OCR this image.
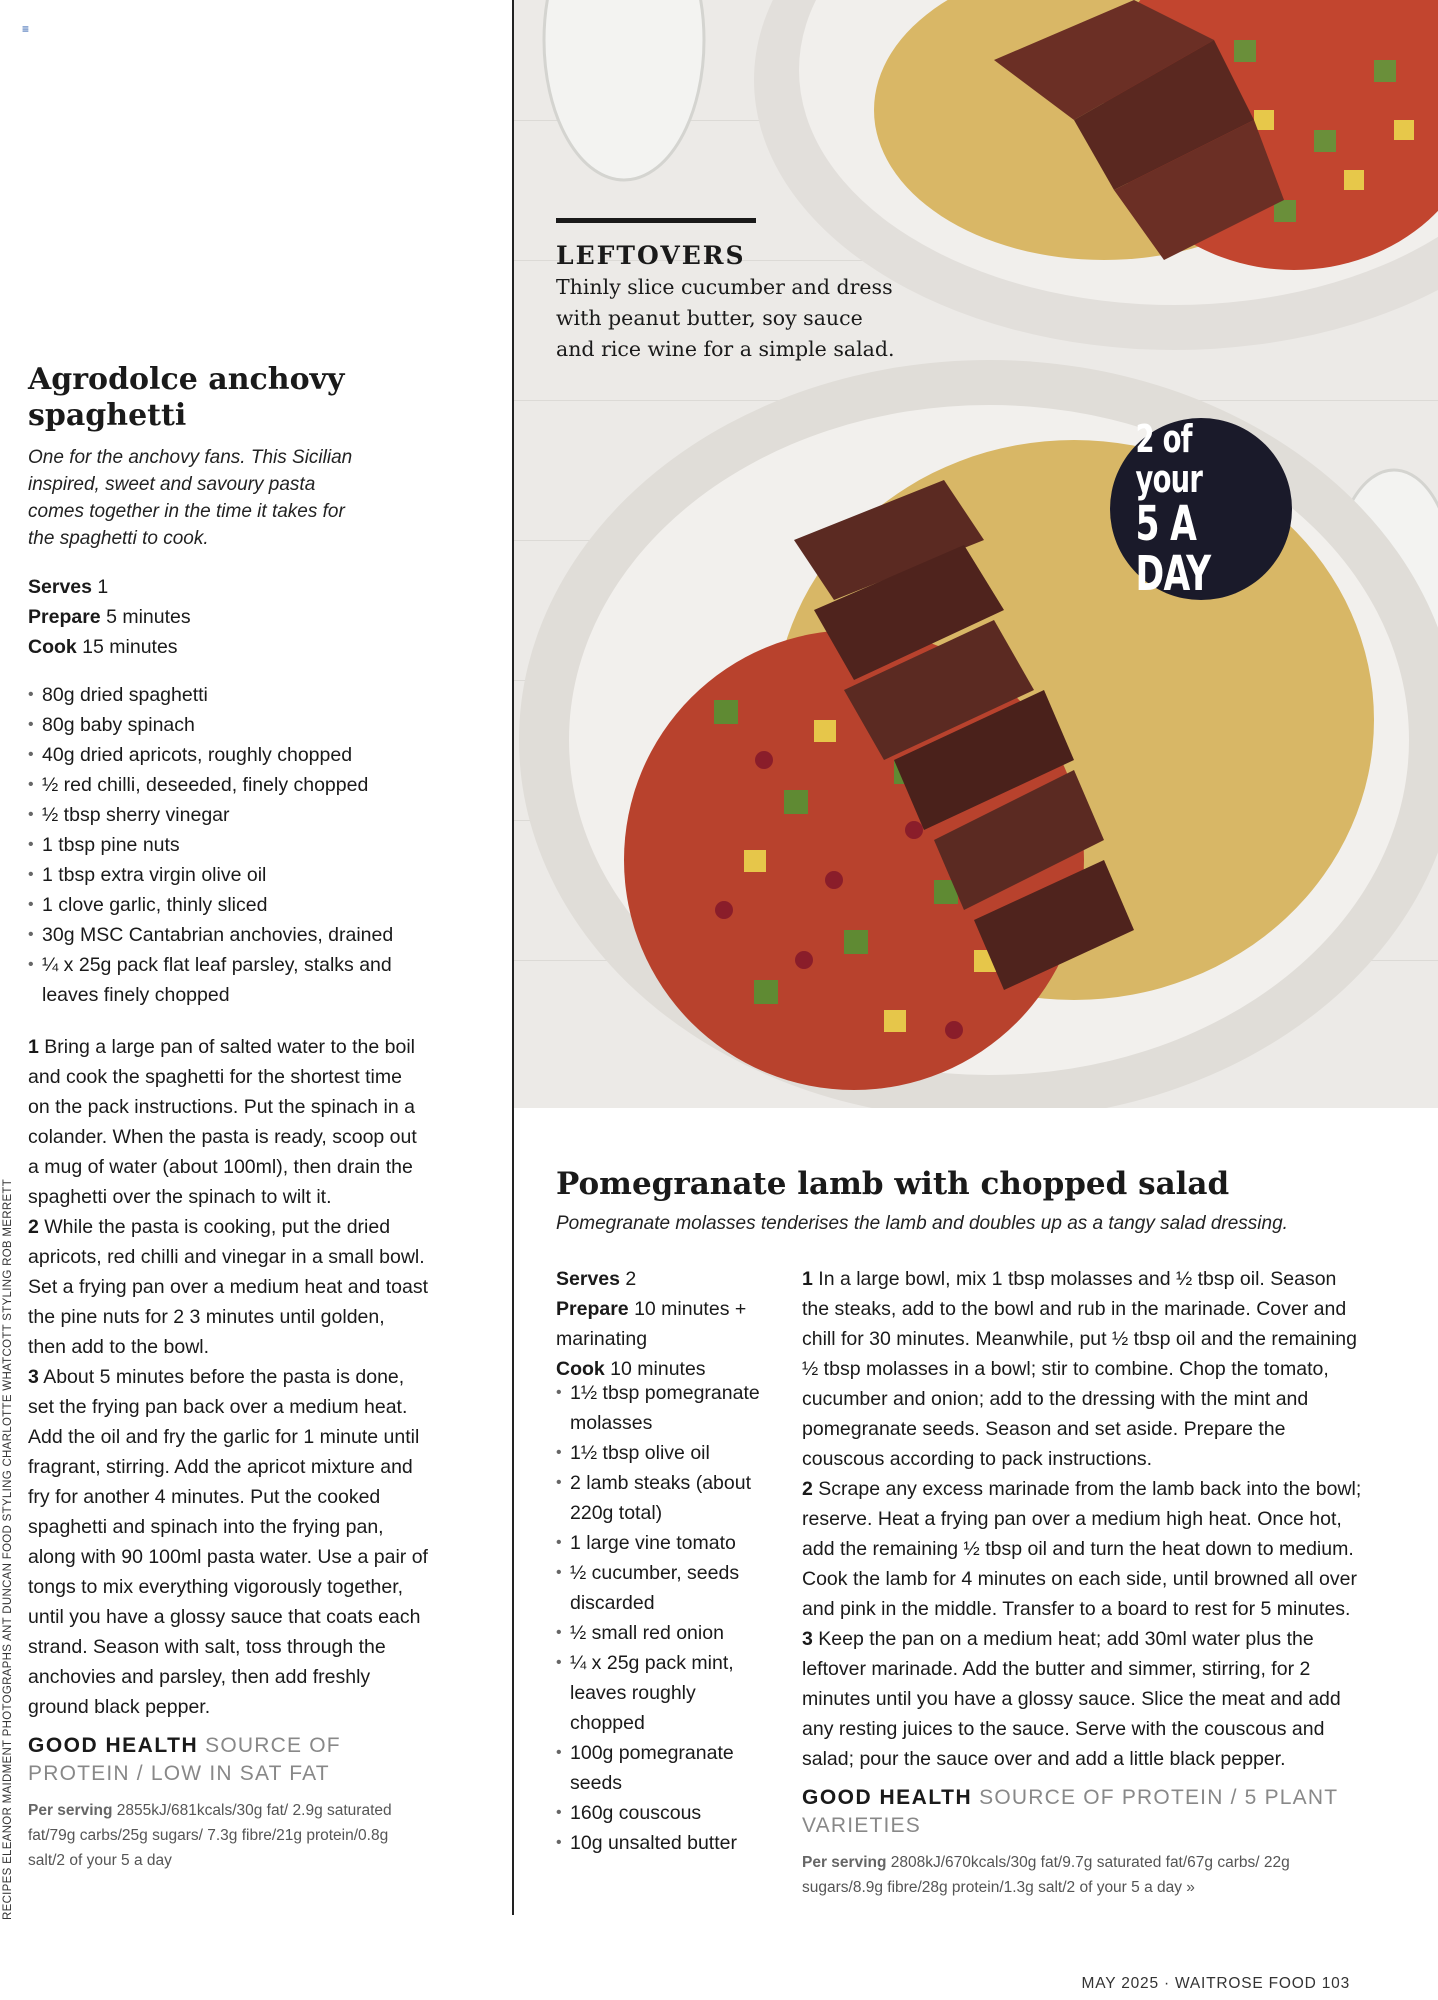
≡
RECIPES ELEANOR MAIDMENT PHOTOGRAPHS ANT DUNCAN FOOD STYLING CHARLOTTE WHATCOTT STYLING ROB MERRETT
Agrodolce anchovy spaghetti

One for the anchovy fans. This Sicilian inspired, sweet and savoury pasta comes together in the time it takes for the spaghetti to cook.

Serves 1
Prepare 5 minutes
Cook 15 minutes
• 80g dried spaghetti
• 80g baby spinach
• 40g dried apricots, roughly chopped
• ½ red chilli, deseeded, finely chopped
• ½ tbsp sherry vinegar
• 1 tbsp pine nuts
• 1 tbsp extra virgin olive oil
• 1 clove garlic, thinly sliced
• 30g MSC Cantabrian anchovies, drained
• ¼ x 25g pack flat leaf parsley, stalks and leaves finely chopped

1 Bring a large pan of salted water to the boil and cook the spaghetti for the shortest time on the pack instructions. Put the spinach in a colander. When the pasta is ready, scoop out a mug of water (about 100ml), then drain the spaghetti over the spinach to wilt it.

2 While the pasta is cooking, put the dried apricots, red chilli and vinegar in a small bowl. Set a frying pan over a medium heat and toast the pine nuts for 2 3 minutes until golden, then add to the bowl.

3 About 5 minutes before the pasta is done, set the frying pan back over a medium heat. Add the oil and fry the garlic for 1 minute until fragrant, stirring. Add the apricot mixture and fry for another 4 minutes. Put the cooked spaghetti and spinach into the frying pan, along with 90 100ml pasta water. Use a pair of tongs to mix everything vigorously together, until you have a glossy sauce that coats each strand. Season with salt, toss through the anchovies and parsley, then add freshly ground black pepper.

GOOD HEALTH SOURCE OF PROTEIN / LOW IN SAT FAT
Per serving 2855kJ/681kcals/30g fat/ 2.9g saturated fat/79g carbs/25g sugars/ 7.3g fibre/21g protein/0.8g salt/2 of your 5 a day
LEFTOVERS

Thinly slice cucumber and dress with peanut butter, soy sauce and rice wine for a simple salad.

2 of your
5 A DAY
Pomegranate lamb with chopped salad

Pomegranate molasses tenderises the lamb and doubles up as a tangy salad dressing.

Serves 2
Prepare 10 minutes + marinating
Cook 10 minutes
• 1½ tbsp pomegranate molasses
• 1½ tbsp olive oil
• 2 lamb steaks (about 220g total)
• 1 large vine tomato
• ½ cucumber, seeds discarded
• ½ small red onion
• ¼ x 25g pack mint, leaves roughly chopped
• 100g pomegranate seeds
• 160g couscous
• 10g unsalted butter

1 In a large bowl, mix 1 tbsp molasses and ½ tbsp oil. Season the steaks, add to the bowl and rub in the marinade. Cover and chill for 30 minutes. Meanwhile, put ½ tbsp oil and the remaining ½ tbsp molasses in a bowl; stir to combine. Chop the tomato, cucumber and onion; add to the dressing with the mint and pomegranate seeds. Season and set aside. Prepare the couscous according to pack instructions.

2 Scrape any excess marinade from the lamb back into the bowl; reserve. Heat a frying pan over a medium high heat. Once hot, add the remaining ½ tbsp oil and turn the heat down to medium. Cook the lamb for 4 minutes on each side, until browned all over and pink in the middle. Transfer to a board to rest for 5 minutes.

3 Keep the pan on a medium heat; add 30ml water plus the leftover marinade. Add the butter and simmer, stirring, for 2 minutes until you have a glossy sauce. Slice the meat and add any resting juices to the sauce. Serve with the couscous and salad; pour the sauce over and add a little black pepper.

GOOD HEALTH SOURCE OF PROTEIN / 5 PLANT VARIETIES
Per serving 2808kJ/670kcals/30g fat/9.7g saturated fat/67g carbs/ 22g sugars/8.9g fibre/28g protein/1.3g salt/2 of your 5 a day »
MAY 2025 · WAITROSE FOOD 103
